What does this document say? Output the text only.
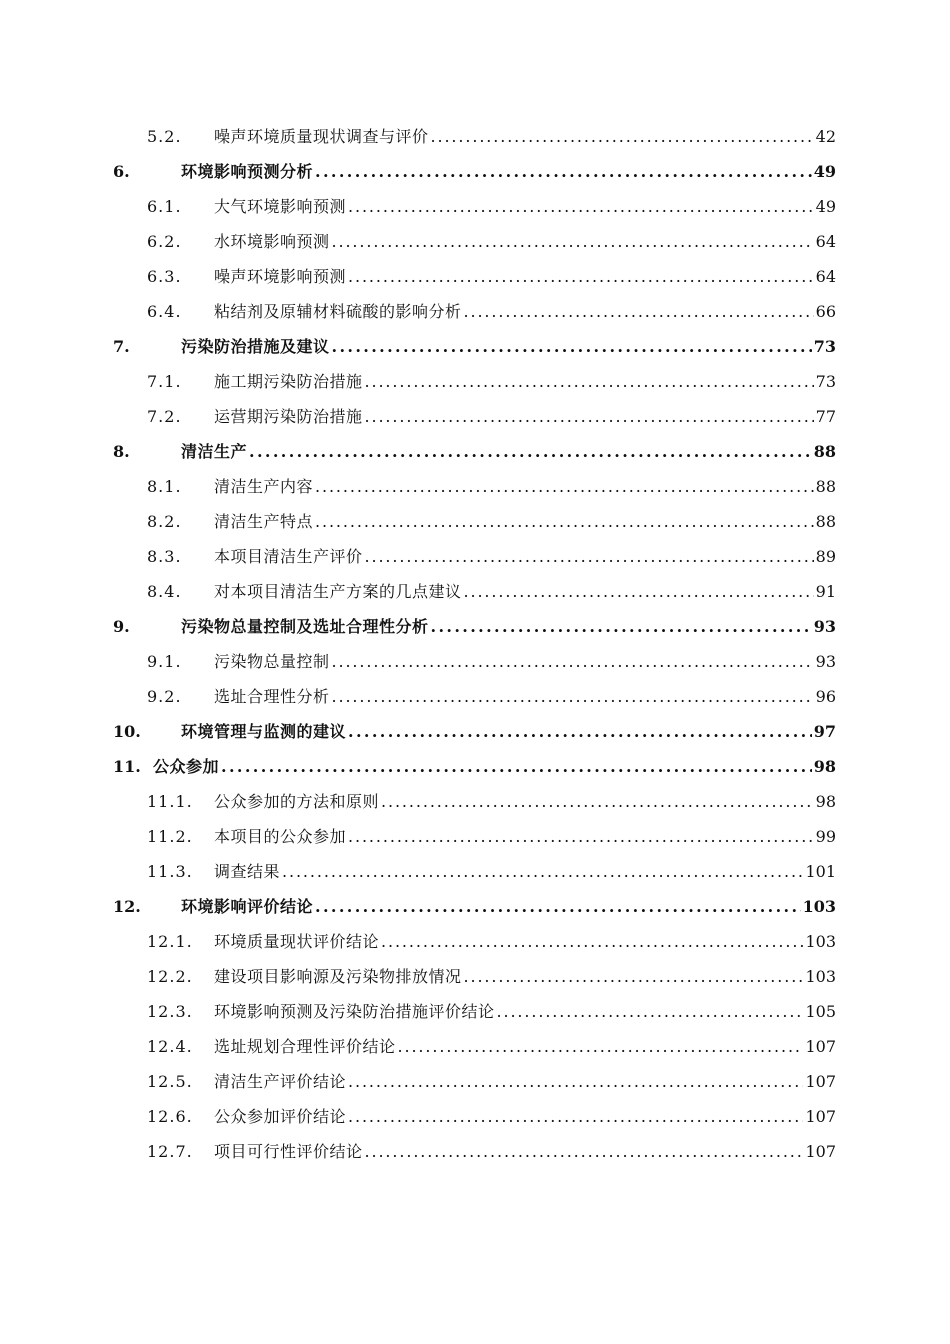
5.2.	噪声环境质量现状调查与评价 . . .	42
6.	环境影响预测分析 . . .	49
6.1.	大气环境影响预测 . . .	49
6.2.	水环境影响预测 . . .	64
6.3.	噪声环境影响预测 . . .	64
6.4.	粘结剂及原辅材料硫酸的影响分析 . . .	66
7.	污染防治措施及建议 . . .	73
7.1.	施工期污染防治措施 . . .	73
7.2.	运营期污染防治措施 . . .	77
8.	清洁生产 . . .	88
8.1.	清洁生产内容 . . .	88
8.2.	清洁生产特点 . . .	88
8.3.	本项目清洁生产评价 . . .	89
8.4.	对本项目清洁生产方案的几点建议 . . .	91
9.	污染物总量控制及选址合理性分析 . . .	93
9.1.	污染物总量控制 . . .	93
9.2.	选址合理性分析 . . .	96
10.	环境管理与监测的建议 . . .	97
11. 公众参加 . . .	98
11.1.	公众参加的方法和原则 . . .	98
11.2.	本项目的公众参加 . . .	99
11.3.	调查结果 . . .	101
12.	环境影响评价结论 . . .	103
12.1.	环境质量现状评价结论 . . .	103
12.2.	建设项目影响源及污染物排放情况 . . .	103
12.3.	环境影响预测及污染防治措施评价结论 . . .	105
12.4.	选址规划合理性评价结论 . . .	107
12.5.	清洁生产评价结论 . . .	107
12.6.	公众参加评价结论 . . .	107
12.7.	项目可行性评价结论 . . .	107
